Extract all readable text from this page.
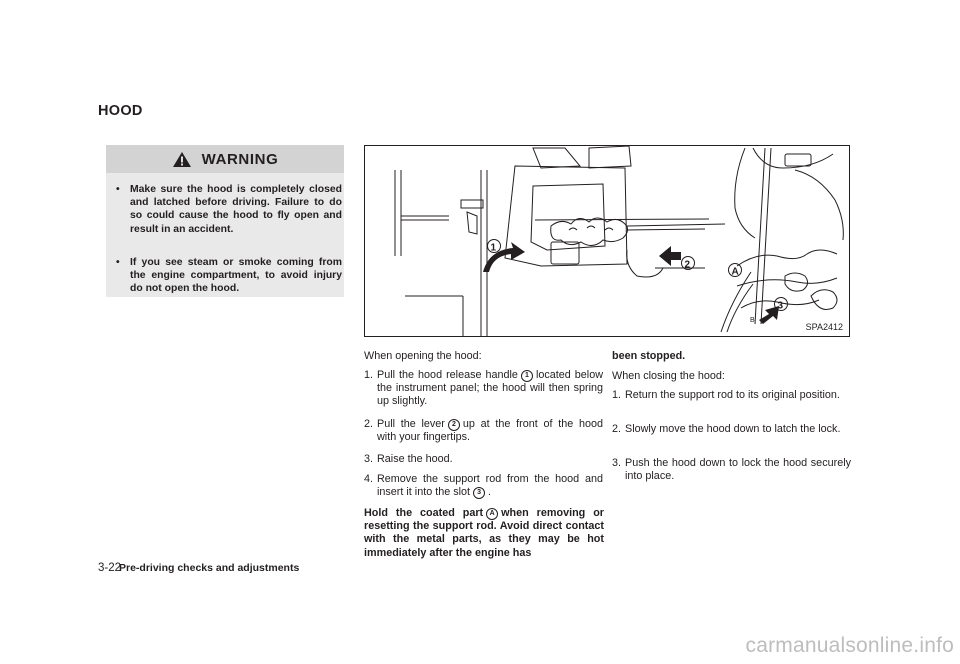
HOOD
WARNING
• Make sure the hood is completely closed and latched before driving. Failure to do so could cause the hood to fly open and result in an accident.
• If you see steam or smoke coming from the engine compartment, to avoid injury do not open the hood.
1
2
A
3
B
SPA2412
When opening the hood:
1. Pull the hood release handle 1 located below the instrument panel; the hood will then spring up slightly.
2. Pull the lever 2 up at the front of the hood with your fingertips.
3. Raise the hood.
4. Remove the support rod from the hood and insert it into the slot 3 .
Hold the coated part A when removing or resetting the support rod. Avoid direct contact with the metal parts, as they may be hot immediately after the engine has
been stopped.
When closing the hood:
1. Return the support rod to its original position.
2. Slowly move the hood down to latch the lock.
3. Push the hood down to lock the hood securely into place.
3-22
Pre-driving checks and adjustments
carmanualsonline.info
